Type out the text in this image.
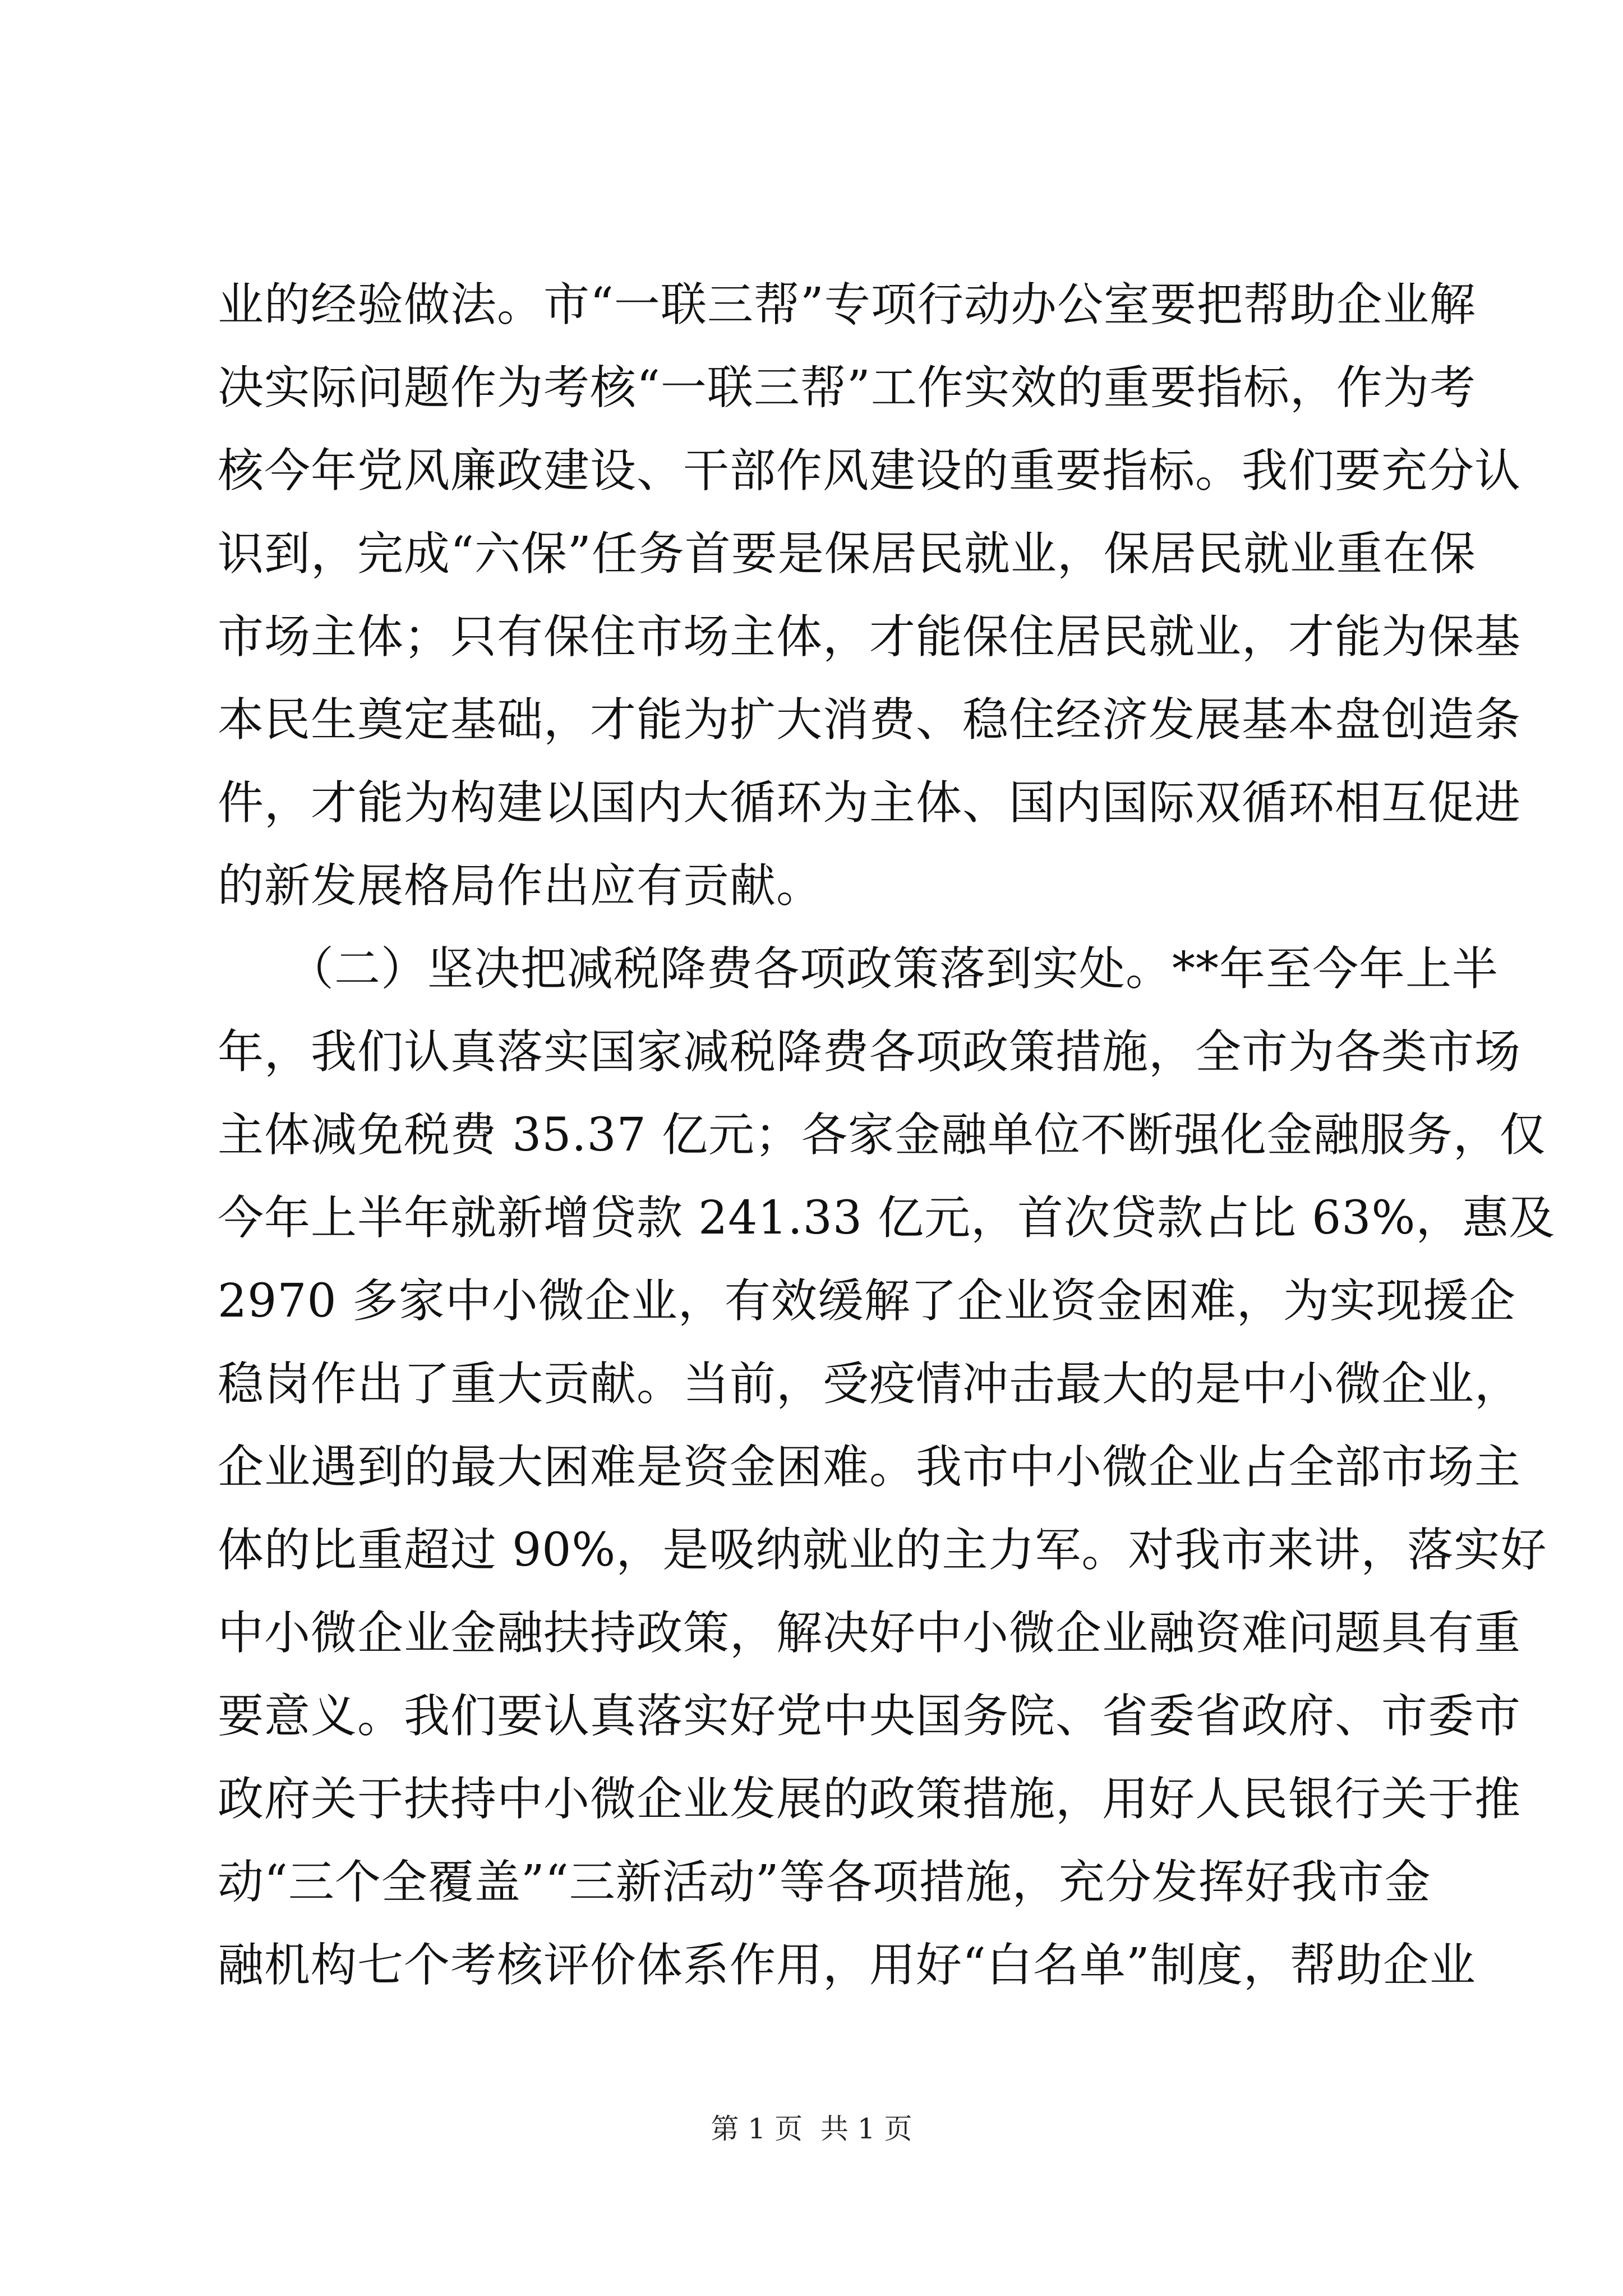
业的经验做法。市“一联三帮”专项行动办公室要把帮助企业解
决实际问题作为考核“一联三帮”工作实效的重要指标，作为考
核今年党风廉政建设、干部作风建设的重要指标。我们要充分认
识到，完成“六保”任务首要是保居民就业，保居民就业重在保
市场主体；只有保住市场主体，才能保住居民就业，才能为保基
本民生奠定基础，才能为扩大消费、稳住经济发展基本盘创造条
件，才能为构建以国内大循环为主体、国内国际双循环相互促进
的新发展格局作出应有贡献。
　　（二）坚决把减税降费各项政策落到实处。**年至今年上半
年，我们认真落实国家减税降费各项政策措施，全市为各类市场
主体减免税费 35.37 亿元；各家金融单位不断强化金融服务，仅
今年上半年就新增贷款 241.33 亿元，首次贷款占比 63%，惠及
2970 多家中小微企业，有效缓解了企业资金困难，为实现援企
稳岗作出了重大贡献。当前，受疫情冲击最大的是中小微企业，
企业遇到的最大困难是资金困难。我市中小微企业占全部市场主
体的比重超过 90%，是吸纳就业的主力军。对我市来讲，落实好
中小微企业金融扶持政策，解决好中小微企业融资难问题具有重
要意义。我们要认真落实好党中央国务院、省委省政府、市委市
政府关于扶持中小微企业发展的政策措施，用好人民银行关于推
动“三个全覆盖”“三新活动”等各项措施，充分发挥好我市金
融机构七个考核评价体系作用，用好“白名单”制度，帮助企业
第 1 页  共 1 页
